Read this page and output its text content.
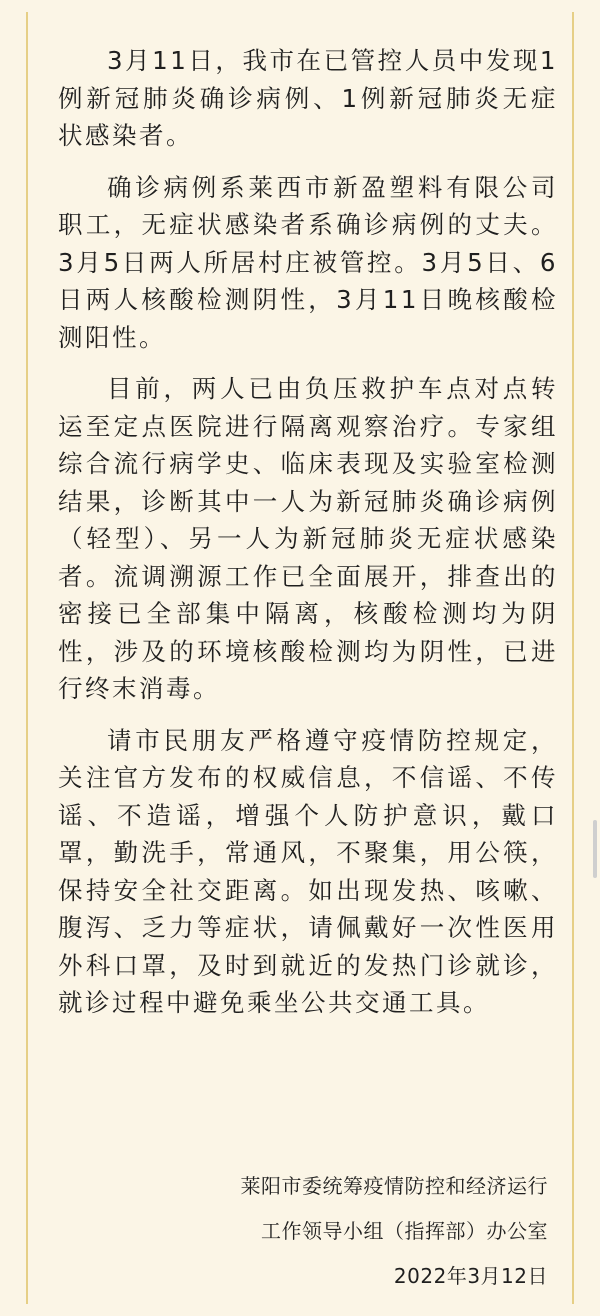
3月11日，我市在已管控人员中发现1例新冠肺炎确诊病例、1例新冠肺炎无症状感染者。

确诊病例系莱西市新盈塑料有限公司职工，无症状感染者系确诊病例的丈夫。3月5日两人所居村庄被管控。3月5日、6日两人核酸检测阴性，3月11日晚核酸检测阳性。

目前，两人已由负压救护车点对点转运至定点医院进行隔离观察治疗。专家组综合流行病学史、临床表现及实验室检测结果，诊断其中一人为新冠肺炎确诊病例（轻型）、另一人为新冠肺炎无症状感染者。流调溯源工作已全面展开，排查出的密接已全部集中隔离，核酸检测均为阴性，涉及的环境核酸检测均为阴性，已进行终末消毒。

请市民朋友严格遵守疫情防控规定，关注官方发布的权威信息，不信谣、不传谣、不造谣，增强个人防护意识，戴口罩，勤洗手，常通风，不聚集，用公筷，保持安全社交距离。如出现发热、咳嗽、腹泻、乏力等症状，请佩戴好一次性医用外科口罩，及时到就近的发热门诊就诊，就诊过程中避免乘坐公共交通工具。

莱阳市委统筹疫情防控和经济运行
工作领导小组（指挥部）办公室
2022年3月12日
